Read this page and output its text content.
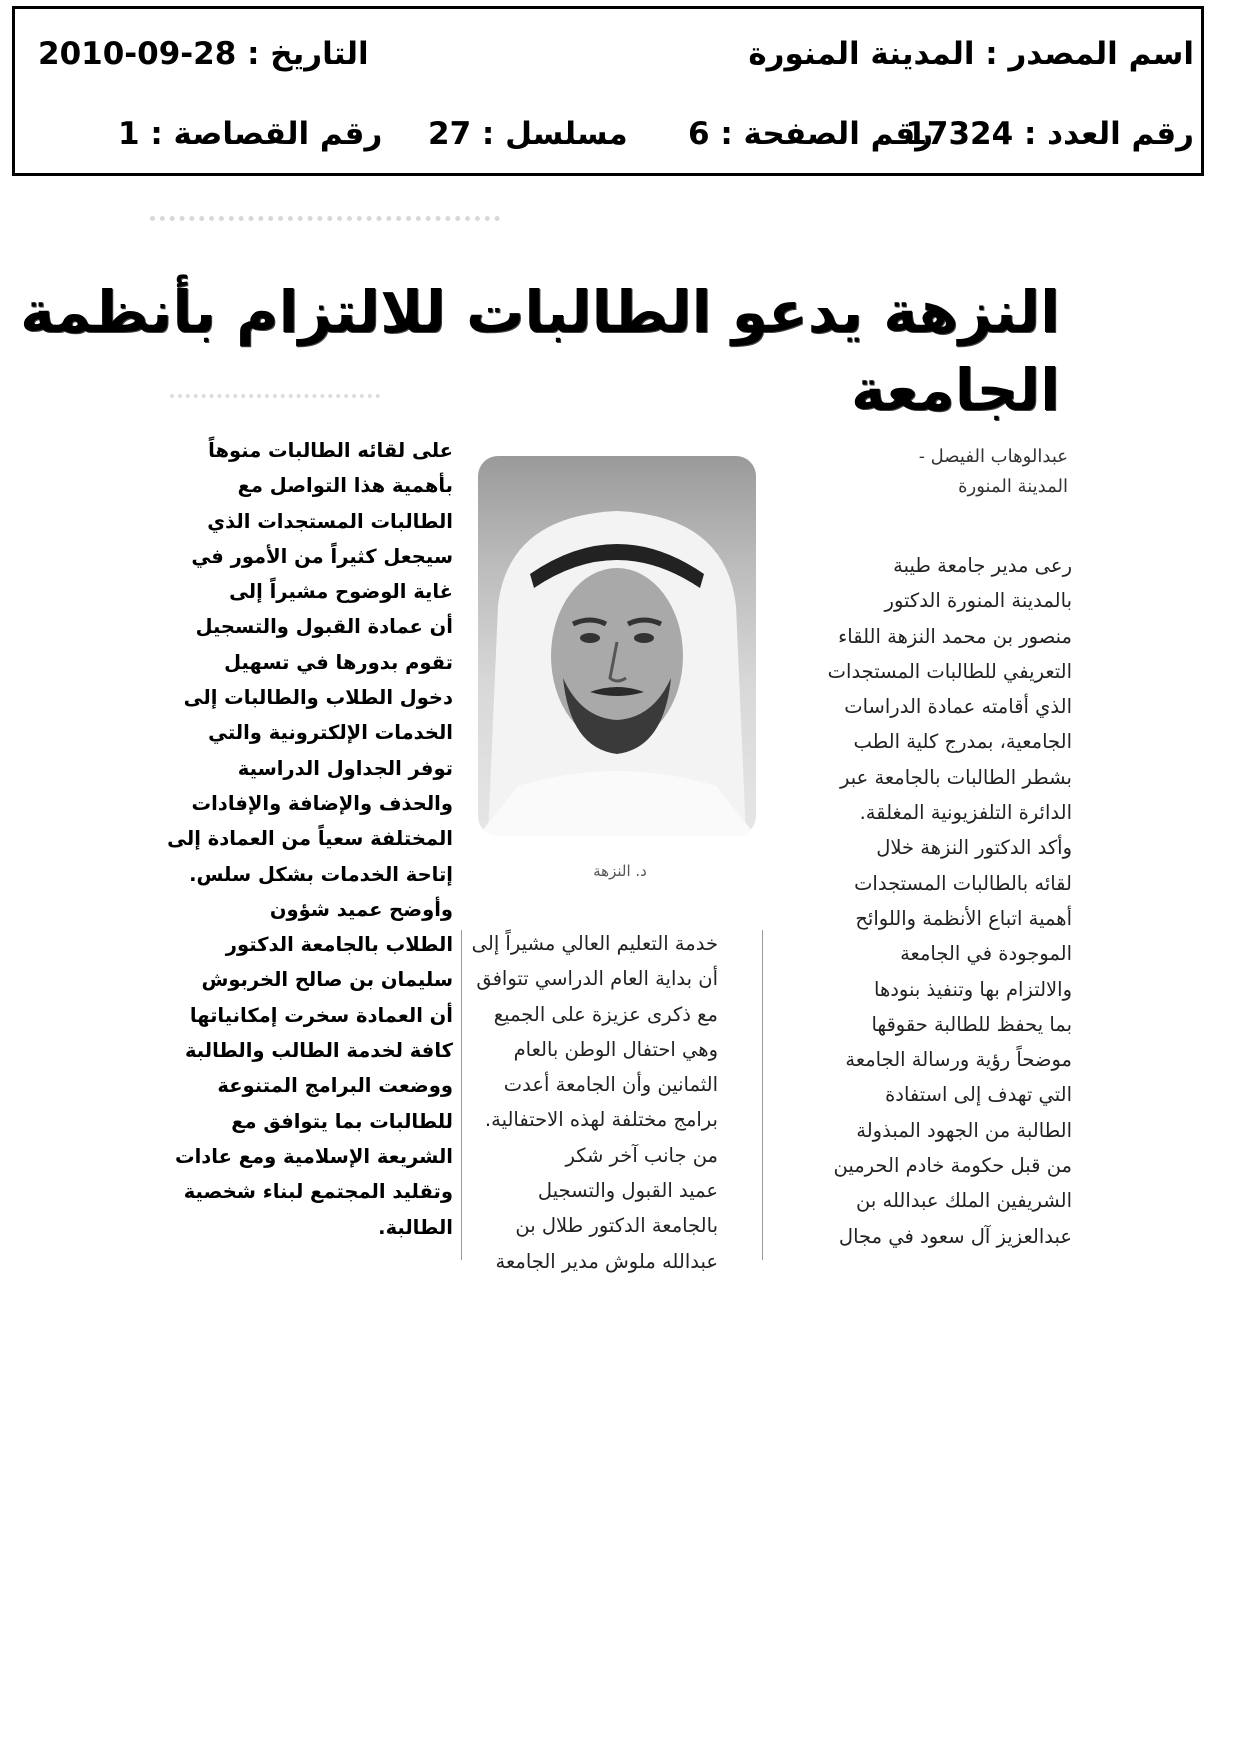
اسم المصدر : المدينة المنورة
التاريخ : 28-09-2010
رقم العدد : 17324
رقم الصفحة : 6
مسلسل : 27
رقم القصاصة : 1
النزهة يدعو الطالبات للالتزام بأنظمة
الجامعة
عبدالوهاب الفيصل -
المدينة المنورة
د. النزهة

رعى مدير جامعة طيبة

بالمدينة المنورة الدكتور

منصور بن محمد النزهة اللقاء

التعريفي للطالبات المستجدات

الذي أقامته عمادة الدراسات

الجامعية، بمدرج كلية الطب

بشطر الطالبات بالجامعة عبر

الدائرة التلفزيونية المغلقة.

وأكد الدكتور النزهة خلال

لقائه بالطالبات المستجدات

أهمية اتباع الأنظمة واللوائح

الموجودة في الجامعة

والالتزام بها وتنفيذ بنودها

بما يحفظ للطالبة حقوقها

موضحاً رؤية ورسالة الجامعة

التي تهدف إلى استفادة

الطالبة من الجهود المبذولة

من قبل حكومة خادم الحرمين

الشريفين الملك عبدالله بن

عبدالعزيز آل سعود في مجال

خدمة التعليم العالي مشيراً إلى

أن بداية العام الدراسي تتوافق

مع ذكرى عزيزة على الجميع

وهي احتفال الوطن بالعام

الثمانين وأن الجامعة أعدت

برامج مختلفة لهذه الاحتفالية.

من جانب آخر شكر

عميد القبول والتسجيل

بالجامعة الدكتور طلال بن

عبدالله ملوش مدير الجامعة

على لقائه الطالبات منوهاً

بأهمية هذا التواصل مع

الطالبات المستجدات الذي

سيجعل كثيراً من الأمور في

غاية الوضوح مشيراً إلى

أن عمادة القبول والتسجيل

تقوم بدورها في تسهيل

دخول الطلاب والطالبات إلى

الخدمات الإلكترونية والتي

توفر الجداول الدراسية

والحذف والإضافة والإفادات

المختلفة سعياً من العمادة إلى

إتاحة الخدمات بشكل سلس.

وأوضح عميد شؤون

الطلاب بالجامعة الدكتور

سليمان بن صالح الخربوش

أن العمادة سخرت إمكانياتها

كافة لخدمة الطالب والطالبة

ووضعت البرامج المتنوعة

للطالبات بما يتوافق مع

الشريعة الإسلامية ومع عادات

وتقليد المجتمع لبناء شخصية

الطالبة.
